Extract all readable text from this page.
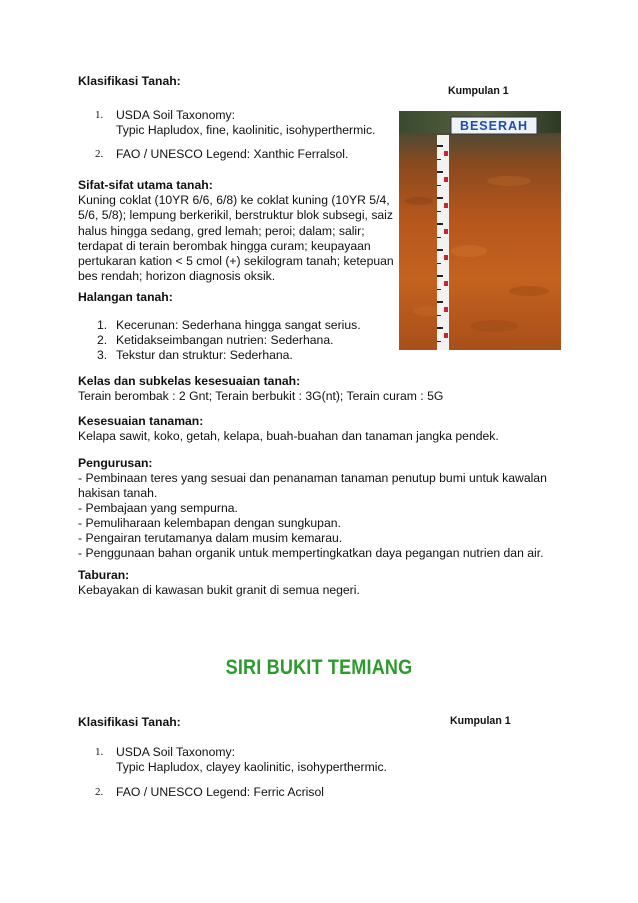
Klasifikasi Tanah:

Kumpulan 1
1. USDA Soil Taxonomy:

Typic Hapludox, fine, kaolinitic, isohyperthermic.

2. FAO / UNESCO Legend: Xanthic Ferralsol.

Sifat-sifat utama tanah:

Kuning coklat (10YR 6/6, 6/8) ke coklat kuning (10YR 5/4,

5/6, 5/8); lempung berkerikil, berstruktur blok subsegi, saiz

halus hingga sedang, gred lemah; peroi; dalam; salir;

terdapat di terain berombak hingga curam; keupayaan

pertukaran kation < 5 cmol (+) sekilogram tanah; ketepuan

bes rendah; horizon diagnosis oksik.

Halangan tanah:

1. Kecerunan: Sederhana hingga sangat serius.

2. Ketidakseimbangan nutrien: Sederhana.

3. Tekstur dan struktur: Sederhana.

Kelas dan subkelas kesesuaian tanah:

Terain berombak : 2 Gnt; Terain berbukit : 3G(nt); Terain curam : 5G

Kesesuaian tanaman:

Kelapa sawit, koko, getah, kelapa, buah-buahan dan tanaman jangka pendek.

Pengurusan:

- Pembinaan teres yang sesuai dan penanaman tanaman penutup bumi untuk kawalan

hakisan tanah.

- Pembajaan yang sempurna.

- Pemuliharaan kelembapan dengan sungkupan.

- Pengairan terutamanya dalam musim kemarau.

- Penggunaan bahan organik untuk mempertingkatkan daya pegangan nutrien dan air.

Taburan:

Kebayakan di kawasan bukit granit di semua negeri.

BESERAH
SIRI BUKIT TEMIANG

Klasifikasi Tanah:	Kumpulan 1
1. USDA Soil Taxonomy:

Typic Hapludox, clayey kaolinitic, isohyperthermic.

2. FAO / UNESCO Legend: Ferric Acrisol
